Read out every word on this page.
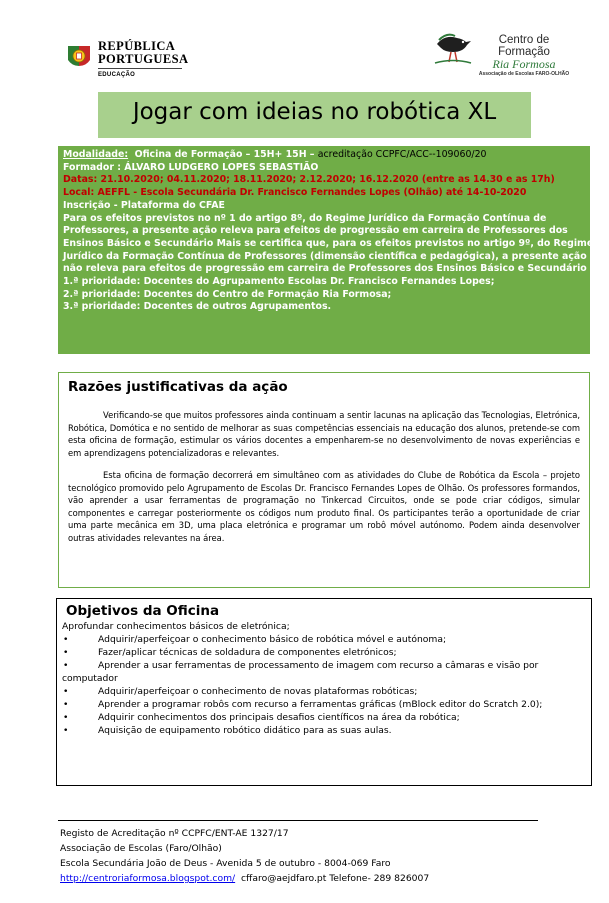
REPÚBLICA
PORTUGUESA
EDUCAÇÃO
Centro de Formação
Ria Formosa
Associação de Escolas FARO-OLHÃO
Jogar com ideias no robótica XL
Modalidade: Oficina de Formação – 15H+ 15H – acreditação CCPFC/ACC--109060/20
Formador : ÁLVARO LUDGERO LOPES SEBASTIÃO
Datas: 21.10.2020; 04.11.2020; 18.11.2020; 2.12.2020; 16.12.2020 (entre as 14.30 e as 17h)
Local: AEFFL - Escola Secundária Dr. Francisco Fernandes Lopes (Olhão) até 14-10-2020
Inscrição - Plataforma do CFAE
Para os efeitos previstos no nº 1 do artigo 8º, do Regime Jurídico da Formação Contínua de
Professores, a presente ação releva para efeitos de progressão em carreira de Professores dos
Ensinos Básico e Secundário Mais se certifica que, para os efeitos previstos no artigo 9º, do Regime
Jurídico da Formação Contínua de Professores (dimensão científica e pedagógica), a presente ação
não releva para efeitos de progressão em carreira de Professores dos Ensinos Básico e Secundário .
1.ª prioridade: Docentes do Agrupamento Escolas Dr. Francisco Fernandes Lopes;
2.ª prioridade: Docentes do Centro de Formação Ria Formosa;
3.ª prioridade: Docentes de outros Agrupamentos.
Razões justificativas da ação

Verificando-se que muitos professores ainda continuam a sentir lacunas na aplicação das Tecnologias, Eletrónica, Robótica, Domótica e no sentido de melhorar as suas competências essenciais na educação dos alunos, pretende-se com esta oficina de formação, estimular os vários docentes a empenharem-se no desenvolvimento de novas experiências e em aprendizagens potencializadoras e relevantes.

Esta oficina de formação decorrerá em simultâneo com as atividades do Clube de Robótica da Escola – projeto tecnológico promovido pelo Agrupamento de Escolas Dr. Francisco Fernandes Lopes de Olhão. Os professores formandos, vão aprender a usar ferramentas de programação no Tinkercad Circuitos, onde se pode criar códigos, simular componentes e carregar posteriormente os códigos num produto final. Os participantes terão a oportunidade de criar uma parte mecânica em 3D, uma placa eletrónica e programar um robô móvel autónomo. Podem ainda desenvolver outras atividades relevantes na área.

Objetivos da Oficina
Aprofundar conhecimentos básicos de eletrónica;
•	Adquirir/aperfeiçoar o conhecimento básico de robótica móvel e autónoma;
•	Fazer/aplicar técnicas de soldadura de componentes eletrónicos;
•	Aprender a usar ferramentas de processamento de imagem com recurso a câmaras e visão por computador
•	Adquirir/aperfeiçoar o conhecimento de novas plataformas robóticas;
•	Aprender a programar robôs com recurso a ferramentas gráficas (mBlock editor do Scratch 2.0);
•	Adquirir conhecimentos dos principais desafios científicos na área da robótica;
•	Aquisição de equipamento robótico didático para as suas aulas.
Registo de Acreditação nº CCPFC/ENT-AE 1327/17
Associação de Escolas (Faro/Olhão)
Escola Secundária João de Deus - Avenida 5 de outubro - 8004-069 Faro
http://centroriaformosa.blogspot.com/ cffaro@aejdfaro.pt Telefone- 289 826007
